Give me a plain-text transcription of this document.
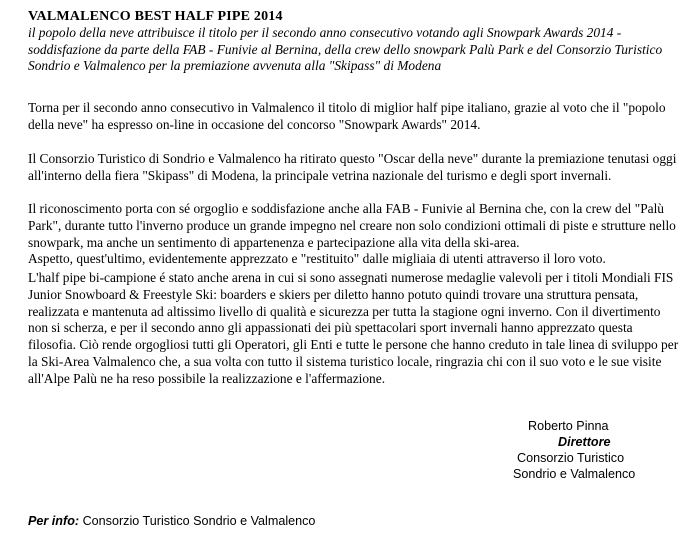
VALMALENCO BEST HALF PIPE 2014
il popolo della neve attribuisce il titolo per il secondo anno consecutivo votando agli Snowpark Awards 2014 - soddisfazione da parte della FAB - Funivie al Bernina, della crew dello snowpark Palù Park e del Consorzio Turistico Sondrio e Valmalenco per la premiazione avvenuta alla "Skipass" di Modena
Torna per il secondo anno consecutivo in Valmalenco il titolo di miglior half pipe italiano, grazie al voto che il "popolo della neve" ha espresso on-line in occasione del concorso "Snowpark Awards" 2014.
Il Consorzio Turistico di Sondrio e Valmalenco ha ritirato questo "Oscar della neve" durante la premiazione tenutasi oggi all'interno della fiera "Skipass" di Modena, la principale vetrina nazionale del turismo e degli sport invernali.
Il riconoscimento porta con sé orgoglio e soddisfazione anche alla FAB - Funivie al Bernina che, con la crew del "Palù Park", durante tutto l'inverno produce un grande impegno nel creare non solo condizioni ottimali di piste e strutture nello snowpark, ma anche un sentimento di appartenenza e partecipazione alla vita della ski-area.
Aspetto, quest'ultimo, evidentemente apprezzato e "restituito" dalle migliaia di utenti attraverso il loro voto.
L'half pipe bi-campione é stato anche arena in cui si sono assegnati numerose medaglie valevoli per i titoli Mondiali FIS Junior Snowboard & Freestyle Ski: boarders e skiers per diletto hanno potuto quindi trovare una struttura pensata, realizzata e mantenuta ad altissimo livello di qualità e sicurezza per tutta la stagione ogni inverno. Con il divertimento non si scherza, e per il secondo anno gli appassionati dei più spettacolari sport invernali hanno apprezzato questa filosofia. Ciò rende orgogliosi tutti gli Operatori, gli Enti e tutte le persone che hanno creduto in tale linea di sviluppo per la Ski-Area Valmalenco che, a sua volta con tutto il sistema turistico locale, ringrazia chi con il suo voto e le sue visite all'Alpe Palù ne ha reso possibile la realizzazione e l'affermazione.
Roberto Pinna
Direttore
Consorzio Turistico
Sondrio e Valmalenco
Per info: Consorzio Turistico Sondrio e Valmalenco
